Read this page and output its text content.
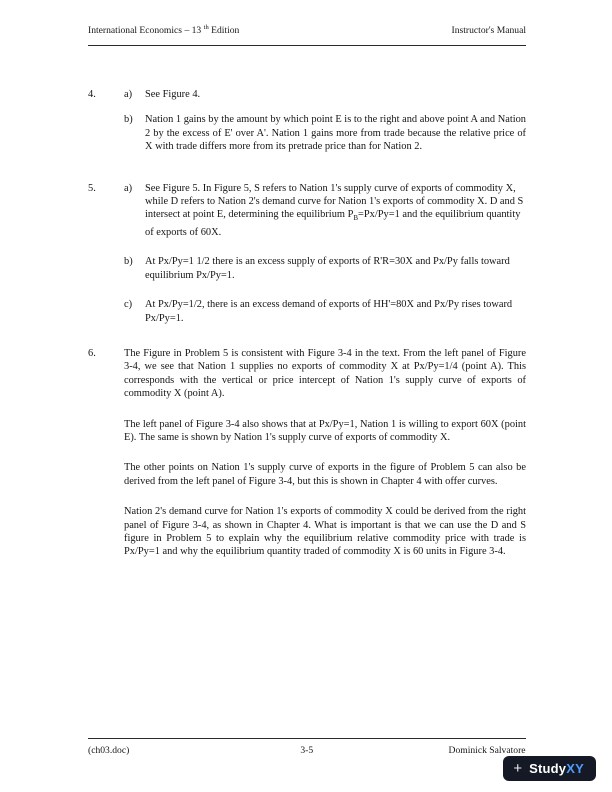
International Economics – 13 $^{th}$ Edition	Instructor's Manual
4.	a)	See Figure 4.

b)	Nation 1 gains by the amount by which point E is to the right and above point A and Nation 2 by the excess of E' over A'. Nation 1 gains more from trade because the relative price of X with trade differs more from its pretrade price than for Nation 2.

5.	a)	See Figure 5. In Figure 5, S refers to Nation 1's supply curve of exports of commodity X, while D refers to Nation 2's demand curve for Nation 1's exports of commodity X. D and S intersect at point E, determining the equilibrium $P_B=Px/Py=1$ and the equilibrium quantity of exports of 60X.

b)	At Px/Py=1 1/2 there is an excess supply of exports of R'R=30X and Px/Py falls toward equilibrium Px/Py=1.

c)	At Px/Py=1/2, there is an excess demand of exports of HH'=80X and Px/Py rises toward Px/Py=1.

6.	The Figure in Problem 5 is consistent with Figure 3-4 in the text. From the left panel of Figure 3-4, we see that Nation 1 supplies no exports of commodity X at Px/Py=1/4 (point A). This corresponds with the vertical or price intercept of Nation 1's supply curve of exports of commodity X (point A).

The left panel of Figure 3-4 also shows that at Px/Py=1, Nation 1 is willing to export 60X (point E). The same is shown by Nation 1's supply curve of exports of commodity X.

The other points on Nation 1's supply curve of exports in the figure of Problem 5 can also be derived from the left panel of Figure 3-4, but this is shown in Chapter 4 with offer curves.

Nation 2's demand curve for Nation 1's exports of commodity X could be derived from the right panel of Figure 3-4, as shown in Chapter 4. What is important is that we can use the D and S figure in Problem 5 to explain why the equilibrium relative commodity price with trade is Px/Py=1 and why the equilibrium quantity traded of commodity X is 60 units in Figure 3-4.

(ch03.doc)	3-5	Dominick Salvatore
+ StudyXY
